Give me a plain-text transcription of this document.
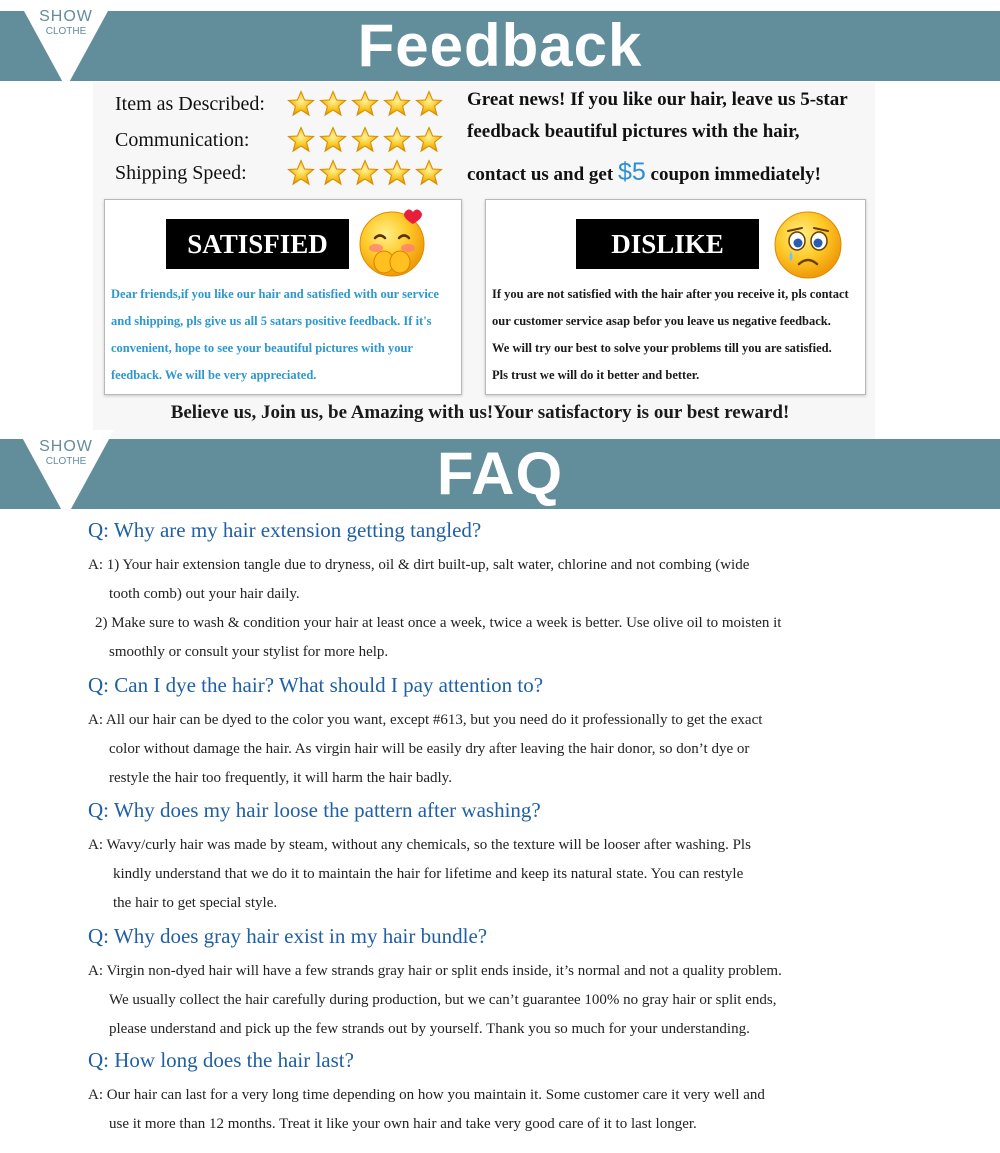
SHOW
CLOTHE	Feedback
Item as Described:
Communication:
Shipping Speed:
Great news! If you like our hair, leave us 5-star
feedback beautiful pictures with the hair,
contact us and get $5 coupon immediately!
SATISFIED
Dear friends,if you like our hair and satisfied with our service
and shipping, pls give us all 5 satars positive feedback. If it's
convenient, hope to see your beautiful pictures with your
feedback. We will be very appreciated.
DISLIKE
If you are not satisfied with the hair after you receive it, pls contact
our customer service asap befor you leave us negative feedback.
We will try our best to solve your problems till you are satisfied.
Pls trust we will do it better and better.
Believe us, Join us, be Amazing with us!Your satisfactory is our best reward!
SHOW
CLOTHE	FAQ
Q: Why are my hair extension getting tangled?
A: 1) Your hair extension tangle due to dryness, oil & dirt built-up, salt water, chlorine and not combing (wide
tooth comb) out your hair daily.
2) Make sure to wash & condition your hair at least once a week, twice a week is better. Use olive oil to moisten it
smoothly or consult your stylist for more help.
Q: Can I dye the hair? What should I pay attention to?
A: All our hair can be dyed to the color you want, except #613, but you need do it professionally to get the exact
color without damage the hair. As virgin hair will be easily dry after leaving the hair donor, so don’t dye or
restyle the hair too frequently, it will harm the hair badly.
Q: Why does my hair loose the pattern after washing?
A: Wavy/curly hair was made by steam, without any chemicals, so the texture will be looser after washing. Pls
kindly understand that we do it to maintain the hair for lifetime and keep its natural state. You can restyle
the hair to get special style.
Q: Why does gray hair exist in my hair bundle?
A: Virgin non-dyed hair will have a few strands gray hair or split ends inside, it’s normal and not a quality problem.
We usually collect the hair carefully during production, but we can’t guarantee 100% no gray hair or split ends,
please understand and pick up the few strands out by yourself. Thank you so much for your understanding.
Q: How long does the hair last?
A: Our hair can last for a very long time depending on how you maintain it. Some customer care it very well and
use it more than 12 months. Treat it like your own hair and take very good care of it to last longer.
